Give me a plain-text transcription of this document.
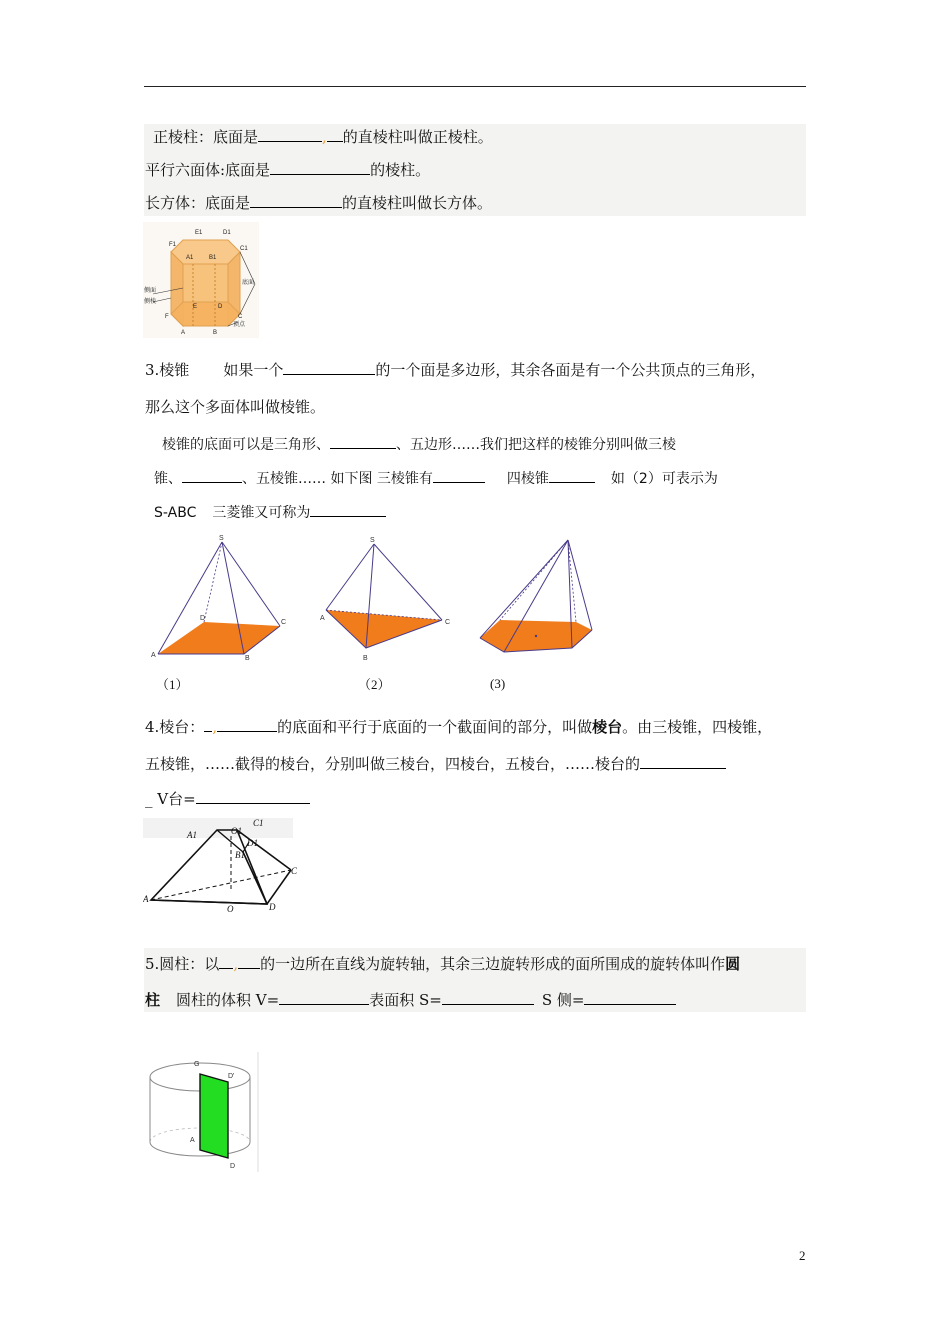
正棱柱：底面是	, 的直棱柱叫做正棱柱。
平行六面体:底面是	的棱柱。
长方体：底面是	的直棱柱叫做长方体。
E1	D1
F1
C1
A1	B1
底面
侧面
侧棱
E	D
F	C
A	B
顶点
3.棱锥 如果一个	的一个面是多边形，其余各面是有一个公共顶点的三角形，
那么这个多面体叫做棱锥。
棱锥的底面可以是三角形、	、五边形……我们把这样的棱锥分别叫做三棱
锥、	、五棱锥…… 如下图 三棱锥有	四棱锥	如（2）可表示为
S-ABC 三菱锥又可称为
S
D
C
A	B
S
A
C
B
（1）	（2）	(3)
4.棱台： ,	的底面和平行于底面的一个截面间的部分，叫做棱台。由三棱锥，四棱锥，
五棱锥，……截得的棱台，分别叫做三棱台，四棱台，五棱台，……棱台的
_ V台=
A1	O1
C1
D1
B1
C
A
O	D
5.圆柱：以 , 的一边所在直线为旋转轴，其余三边旋转形成的面所围成的旋转体叫作圆
柱 圆柱的体积 V=	表面积 S=	S 侧=
G
D'
A
D
2
